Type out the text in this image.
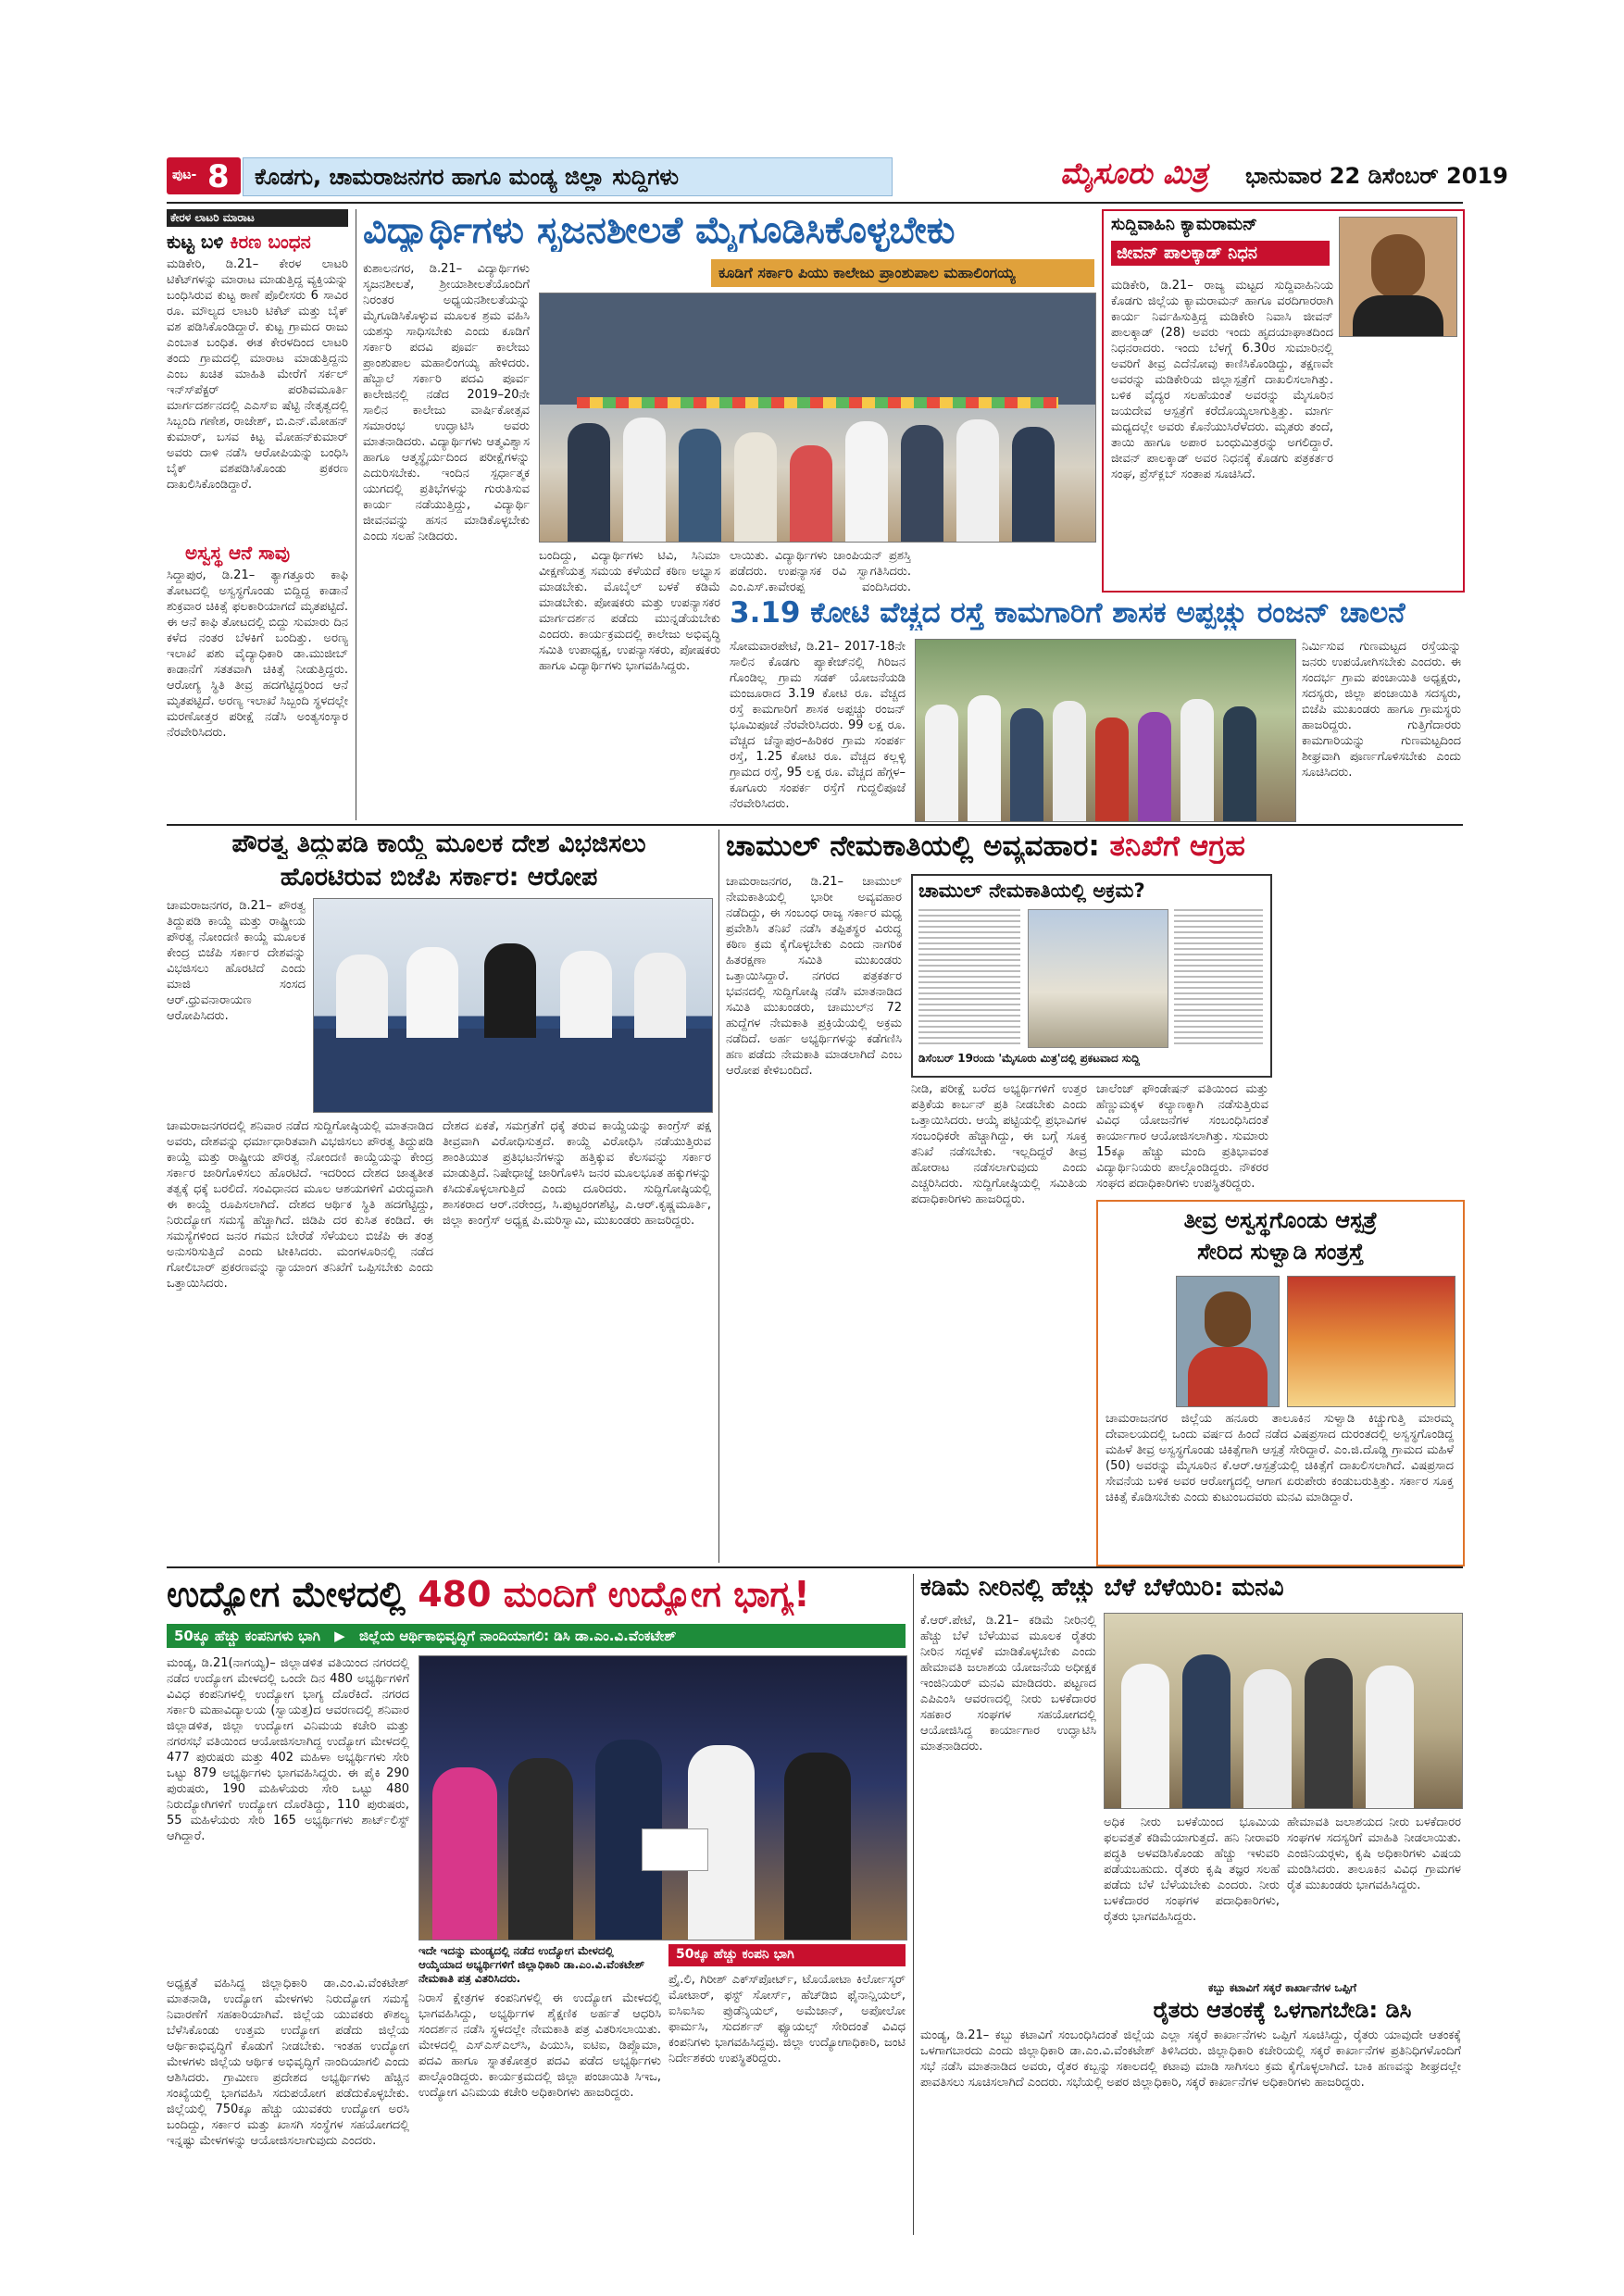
ಪುಟ- 8 ಕೊಡಗು, ಚಾಮರಾಜನಗರ ಹಾಗೂ ಮಂಡ್ಯ ಜಿಲ್ಲಾ ಸುದ್ದಿಗಳು	ಮೈಸೂರು ಮಿತ್ರ ಭಾನುವಾರ 22 ಡಿಸೆಂಬರ್ 2019
ಕೇರಳ ಲಾಟರಿ ಮಾರಾಟ
ಕುಟ್ಟ ಬಳಿ ಕಿರಣ ಬಂಧನ
ಮಡಿಕೇರಿ, ಡಿ.21– ಕೇರಳ ಲಾಟರಿ ಟಿಕೆಟ್‍ಗಳನ್ನು ಮಾರಾಟ ಮಾಡುತ್ತಿದ್ದ ವ್ಯಕ್ತಿಯನ್ನು ಬಂಧಿಸಿರುವ ಕುಟ್ಟ ಠಾಣೆ ಪೊಲೀಸರು 6 ಸಾವಿರ ರೂ. ಮೌಲ್ಯದ ಲಾಟರಿ ಟಿಕೆಟ್ ಮತ್ತು ಬೈಕ್ ವಶ ಪಡಿಸಿಕೊಂಡಿದ್ದಾರೆ. ಕುಟ್ಟ ಗ್ರಾಮದ ರಾಜು ಎಂಬಾತ ಬಂಧಿತ. ಈತ ಕೇರಳದಿಂದ ಲಾಟರಿ ತಂದು ಗ್ರಾಮದಲ್ಲಿ ಮಾರಾಟ ಮಾಡುತ್ತಿದ್ದನು ಎಂಬ ಖಚಿತ ಮಾಹಿತಿ ಮೇರೆಗೆ ಸರ್ಕಲ್ ಇನ್ಸ್‍ಪೆಕ್ಟರ್ ಪರಶಿವಮೂರ್ತಿ ಮಾರ್ಗದರ್ಶನದಲ್ಲಿ ಎಎಸ್‍ಐ ಷೆಟ್ಟಿ ನೇತೃತ್ವದಲ್ಲಿ ಸಿಬ್ಬಂದಿ ಗಣೇಶ, ರಾಜೇಶ್, ಬಿ.ಎನ್.ಮೋಹನ್ ಕುಮಾರ್, ಬಸವ ಕಿಟ್ಟ ಮೋಹನ್‍ಕುಮಾರ್ ಅವರು ದಾಳಿ ನಡೆಸಿ ಆರೋಪಿಯನ್ನು ಬಂಧಿಸಿ ಬೈಕ್ ವಶಪಡಿಸಿಕೊಂಡು ಪ್ರಕರಣ ದಾಖಲಿಸಿಕೊಂಡಿದ್ದಾರೆ.
ಅಸ್ವಸ್ಥ ಆನೆ ಸಾವು
ಸಿದ್ದಾಪುರ, ಡಿ.21– ತ್ಯಾಗತ್ತೂರು ಕಾಫಿ ತೋಟದಲ್ಲಿ ಅಸ್ವಸ್ಥಗೊಂಡು ಬಿದ್ದಿದ್ದ ಕಾಡಾನೆ ಶುಕ್ರವಾರ ಚಿಕಿತ್ಸೆ ಫಲಕಾರಿಯಾಗದೆ ಮೃತಪಟ್ಟಿದೆ. ಈ ಆನೆ ಕಾಫಿ ತೋಟದಲ್ಲಿ ಬಿದ್ದು ಸುಮಾರು ದಿನ ಕಳೆದ ನಂತರ ಬೆಳಕಿಗೆ ಬಂದಿತ್ತು. ಅರಣ್ಯ ಇಲಾಖೆ ಪಶು ವೈದ್ಯಾಧಿಕಾರಿ ಡಾ.ಮುಜೀಬ್ ಕಾಡಾನೆಗೆ ಸತತವಾಗಿ ಚಿಕಿತ್ಸೆ ನೀಡುತ್ತಿದ್ದರು. ಆರೋಗ್ಯ ಸ್ಥಿತಿ ತೀವ್ರ ಹದಗೆಟ್ಟಿದ್ದರಿಂದ ಆನೆ ಮೃತಪಟ್ಟಿದೆ. ಅರಣ್ಯ ಇಲಾಖೆ ಸಿಬ್ಬಂದಿ ಸ್ಥಳದಲ್ಲೇ ಮರಣೋತ್ತರ ಪರೀಕ್ಷೆ ನಡೆಸಿ ಅಂತ್ಯಸಂಸ್ಕಾರ ನೆರವೇರಿಸಿದರು.
ವಿದ್ಯಾರ್ಥಿಗಳು ಸೃಜನಶೀಲತೆ ಮೈಗೂಡಿಸಿಕೊಳ್ಳಬೇಕು
ಕೂಡಿಗೆ ಸರ್ಕಾರಿ ಪಿಯು ಕಾಲೇಜು ಪ್ರಾಂಶುಪಾಲ ಮಹಾಲಿಂಗಯ್ಯ
ಕುಶಾಲನಗರ, ಡಿ.21– ವಿದ್ಯಾರ್ಥಿಗಳು ಸೃಜನಶೀಲತೆ, ಶ್ರೀಯಾಶೀಲತೆಯೊಂದಿಗೆ ನಿರಂತರ ಅಧ್ಯಯನಶೀಲತೆಯನ್ನು ಮೈಗೂಡಿಸಿಕೊಳ್ಳುವ ಮೂಲಕ ಶ್ರಮ ವಹಿಸಿ ಯಶಸ್ಸು ಸಾಧಿಸಬೇಕು ಎಂದು ಕೂಡಿಗೆ ಸರ್ಕಾರಿ ಪದವಿ ಪೂರ್ವ ಕಾಲೇಜು ಪ್ರಾಂಶುಪಾಲ ಮಹಾಲಿಂಗಯ್ಯ ಹೇಳಿದರು. ಹೆಬ್ಬಾಲೆ ಸರ್ಕಾರಿ ಪದವಿ ಪೂರ್ವ ಕಾಲೇಜಿನಲ್ಲಿ ನಡೆದ 2019–20ನೇ ಸಾಲಿನ ಕಾಲೇಜು ವಾರ್ಷಿಕೋತ್ಸವ ಸಮಾರಂಭ ಉದ್ಘಾಟಿಸಿ ಅವರು ಮಾತನಾಡಿದರು. ವಿದ್ಯಾರ್ಥಿಗಳು ಆತ್ಮವಿಶ್ವಾಸ ಹಾಗೂ ಆತ್ಮಸ್ಥೈರ್ಯದಿಂದ ಪರೀಕ್ಷೆಗಳನ್ನು ಎದುರಿಸಬೇಕು. ಇಂದಿನ ಸ್ಪರ್ಧಾತ್ಮಕ ಯುಗದಲ್ಲಿ ಪ್ರತಿಭೆಗಳನ್ನು ಗುರುತಿಸುವ ಕಾರ್ಯ ನಡೆಯುತ್ತಿದ್ದು, ವಿದ್ಯಾರ್ಥಿ ಜೀವನವನ್ನು ಹಸನ ಮಾಡಿಕೊಳ್ಳಬೇಕು ಎಂದು ಸಲಹೆ ನೀಡಿದರು.
ಬಂದಿದ್ದು, ವಿದ್ಯಾರ್ಥಿಗಳು ಟಿವಿ, ಸಿನಿಮಾ ವೀಕ್ಷಣೆಯತ್ತ ಸಮಯ ಕಳೆಯದೆ ಕಠಿಣ ಅಭ್ಯಾಸ ಮಾಡಬೇಕು. ಮೊಬೈಲ್ ಬಳಕೆ ಕಡಿಮೆ ಮಾಡಬೇಕು. ಪೋಷಕರು ಮತ್ತು ಉಪನ್ಯಾಸಕರ ಮಾರ್ಗದರ್ಶನ ಪಡೆದು ಮುನ್ನಡೆಯಬೇಕು ಎಂದರು. ಕಾರ್ಯಕ್ರಮದಲ್ಲಿ ಕಾಲೇಜು ಅಭಿವೃದ್ಧಿ ಸಮಿತಿ ಉಪಾಧ್ಯಕ್ಷ, ಉಪನ್ಯಾಸಕರು, ಪೋಷಕರು ಹಾಗೂ ವಿದ್ಯಾರ್ಥಿಗಳು ಭಾಗವಹಿಸಿದ್ದರು.
ಲಾಯಿತು. ವಿದ್ಯಾರ್ಥಿಗಳು ಚಾಂಪಿಯನ್ ಪ್ರಶಸ್ತಿ ಪಡೆದರು. ಉಪನ್ಯಾಸಕ ರವಿ ಸ್ವಾಗತಿಸಿದರು. ಎಂ.ಎಸ್.ಕಾವೇರಪ್ಪ ವಂದಿಸಿದರು.
ಸುದ್ದಿವಾಹಿನಿ ಕ್ಯಾಮರಾಮನ್
ಜೀವನ್ ಪಾಲಕ್ಕಾಡ್ ನಿಧನ
ಮಡಿಕೇರಿ, ಡಿ.21– ರಾಜ್ಯ ಮಟ್ಟದ ಸುದ್ದಿವಾಹಿನಿಯ ಕೊಡಗು ಜಿಲ್ಲೆಯ ಕ್ಯಾಮರಾಮನ್ ಹಾಗೂ ವರದಿಗಾರರಾಗಿ ಕಾರ್ಯ ನಿರ್ವಹಿಸುತ್ತಿದ್ದ ಮಡಿಕೇರಿ ನಿವಾಸಿ ಜೀವನ್ ಪಾಲಕ್ಕಾಡ್ (28) ಅವರು ಇಂದು ಹೃದಯಾಘಾತದಿಂದ ನಿಧನರಾದರು. ಇಂದು ಬೆಳಗ್ಗೆ 6.30ರ ಸುಮಾರಿನಲ್ಲಿ ಅವರಿಗೆ ತೀವ್ರ ಎದೆನೋವು ಕಾಣಿಸಿಕೊಂಡಿದ್ದು, ತಕ್ಷಣವೇ ಅವರನ್ನು ಮಡಿಕೇರಿಯ ಜಿಲ್ಲಾಸ್ಪತ್ರೆಗೆ ದಾಖಲಿಸಲಾಗಿತ್ತು. ಬಳಿಕ ವೈದ್ಯರ ಸಲಹೆಯಂತೆ ಅವರನ್ನು ಮೈಸೂರಿನ ಜಯದೇವ ಆಸ್ಪತ್ರೆಗೆ ಕರೆದೊಯ್ಯಲಾಗುತ್ತಿತ್ತು. ಮಾರ್ಗ ಮಧ್ಯದಲ್ಲೇ ಅವರು ಕೊನೆಯುಸಿರೆಳೆದರು. ಮೃತರು ತಂದೆ, ತಾಯಿ ಹಾಗೂ ಅಪಾರ ಬಂಧುಮಿತ್ರರನ್ನು ಅಗಲಿದ್ದಾರೆ. ಜೀವನ್ ಪಾಲಕ್ಕಾಡ್ ಅವರ ನಿಧನಕ್ಕೆ ಕೊಡಗು ಪತ್ರಕರ್ತರ ಸಂಘ, ಪ್ರೆಸ್‍ಕ್ಲಬ್ ಸಂತಾಪ ಸೂಚಿಸಿದೆ.
3.19 ಕೋಟಿ ವೆಚ್ಚದ ರಸ್ತೆ ಕಾಮಗಾರಿಗೆ ಶಾಸಕ ಅಪ್ಪಚ್ಚು ರಂಜನ್ ಚಾಲನೆ
ಸೋಮವಾರಪೇಟೆ, ಡಿ.21– 2017-18ನೇ ಸಾಲಿನ ಕೊಡಗು ಪ್ಯಾಕೇಜ್‍ನಲ್ಲಿ ಗಿರಿಜನ ಗೊಂಡಿಲ್ಲ ಗ್ರಾಮ ಸಡಕ್ ಯೋಜನೆಯಡಿ ಮಂಜೂರಾದ 3.19 ಕೋಟಿ ರೂ. ವೆಚ್ಚದ ರಸ್ತೆ ಕಾಮಗಾರಿಗೆ ಶಾಸಕ ಅಪ್ಪಚ್ಚು ರಂಜನ್ ಭೂಮಿಪೂಜೆ ನೆರವೇರಿಸಿದರು. 99 ಲಕ್ಷ ರೂ. ವೆಚ್ಚದ ಚೆನ್ನಾಪುರ–ಹಿರಿಕರ ಗ್ರಾಮ ಸಂಪರ್ಕ ರಸ್ತೆ, 1.25 ಕೋಟಿ ರೂ. ವೆಚ್ಚದ ಕಲ್ಲಳ್ಳಿ ಗ್ರಾಮದ ರಸ್ತೆ, 95 ಲಕ್ಷ ರೂ. ವೆಚ್ಚದ ಹೆಗ್ಗಳ–ಕೂಗೂರು ಸಂಪರ್ಕ ರಸ್ತೆಗೆ ಗುದ್ದಲಿಪೂಜೆ ನೆರವೇರಿಸಿದರು.
ನಿರ್ಮಿಸುವ ಗುಣಮಟ್ಟದ ರಸ್ತೆಯನ್ನು ಜನರು ಉಪಯೋಗಿಸಬೇಕು ಎಂದರು. ಈ ಸಂದರ್ಭ ಗ್ರಾಮ ಪಂಚಾಯಿತಿ ಅಧ್ಯಕ್ಷರು, ಸದಸ್ಯರು, ಜಿಲ್ಲಾ ಪಂಚಾಯಿತಿ ಸದಸ್ಯರು, ಬಿಜೆಪಿ ಮುಖಂಡರು ಹಾಗೂ ಗ್ರಾಮಸ್ಥರು ಹಾಜರಿದ್ದರು. ಗುತ್ತಿಗೆದಾರರು ಕಾಮಗಾರಿಯನ್ನು ಗುಣಮಟ್ಟದಿಂದ ಶೀಘ್ರವಾಗಿ ಪೂರ್ಣಗೊಳಿಸಬೇಕು ಎಂದು ಸೂಚಿಸಿದರು.
ಪೌರತ್ವ ತಿದ್ದುಪಡಿ ಕಾಯ್ದೆ ಮೂಲಕ ದೇಶ ವಿಭಜಿಸಲು
ಹೊರಟಿರುವ ಬಿಜೆಪಿ ಸರ್ಕಾರ: ಆರೋಪ
ಚಾಮರಾಜನಗರ, ಡಿ.21– ಪೌರತ್ವ ತಿದ್ದುಪಡಿ ಕಾಯ್ದೆ ಮತ್ತು ರಾಷ್ಟ್ರೀಯ ಪೌರತ್ವ ನೋಂದಣಿ ಕಾಯ್ದೆ ಮೂಲಕ ಕೇಂದ್ರ ಬಿಜೆಪಿ ಸರ್ಕಾರ ದೇಶವನ್ನು ವಿಭಜಿಸಲು ಹೊರಟಿದೆ ಎಂದು ಮಾಜಿ ಸಂಸದ ಆರ್.ಧ್ರುವನಾರಾಯಣ ಆರೋಪಿಸಿದರು.
ಚಾಮರಾಜನಗರದಲ್ಲಿ ಶನಿವಾರ ನಡೆದ ಸುದ್ದಿಗೋಷ್ಠಿಯಲ್ಲಿ ಮಾತನಾಡಿದ ಅವರು, ದೇಶವನ್ನು ಧರ್ಮಾಧಾರಿತವಾಗಿ ವಿಭಜಿಸಲು ಪೌರತ್ವ ತಿದ್ದುಪಡಿ ಕಾಯ್ದೆ ಮತ್ತು ರಾಷ್ಟ್ರೀಯ ಪೌರತ್ವ ನೋಂದಣಿ ಕಾಯ್ದೆಯನ್ನು ಕೇಂದ್ರ ಸರ್ಕಾರ ಜಾರಿಗೊಳಿಸಲು ಹೊರಟಿದೆ. ಇದರಿಂದ ದೇಶದ ಜಾತ್ಯತೀತ ತತ್ವಕ್ಕೆ ಧಕ್ಕೆ ಬರಲಿದೆ. ಸಂವಿಧಾನದ ಮೂಲ ಆಶಯಗಳಿಗೆ ವಿರುದ್ಧವಾಗಿ ಈ ಕಾಯ್ದೆ ರೂಪಿಸಲಾಗಿದೆ. ದೇಶದ ಆರ್ಥಿಕ ಸ್ಥಿತಿ ಹದಗೆಟ್ಟಿದ್ದು, ನಿರುದ್ಯೋಗ ಸಮಸ್ಯೆ ಹೆಚ್ಚಾಗಿದೆ. ಜಿಡಿಪಿ ದರ ಕುಸಿತ ಕಂಡಿದೆ. ಈ ಸಮಸ್ಯೆಗಳಿಂದ ಜನರ ಗಮನ ಬೇರೆಡೆ ಸೆಳೆಯಲು ಬಿಜೆಪಿ ಈ ತಂತ್ರ ಅನುಸರಿಸುತ್ತಿದೆ ಎಂದು ಟೀಕಿಸಿದರು. ಮಂಗಳೂರಿನಲ್ಲಿ ನಡೆದ ಗೋಲಿಬಾರ್ ಪ್ರಕರಣವನ್ನು ನ್ಯಾಯಾಂಗ ತನಿಖೆಗೆ ಒಪ್ಪಿಸಬೇಕು ಎಂದು ಒತ್ತಾಯಿಸಿದರು.
ದೇಶದ ಏಕತೆ, ಸಮಗ್ರತೆಗೆ ಧಕ್ಕೆ ತರುವ ಕಾಯ್ದೆಯನ್ನು ಕಾಂಗ್ರೆಸ್ ಪಕ್ಷ ತೀವ್ರವಾಗಿ ವಿರೋಧಿಸುತ್ತದೆ. ಕಾಯ್ದೆ ವಿರೋಧಿಸಿ ನಡೆಯುತ್ತಿರುವ ಶಾಂತಿಯುತ ಪ್ರತಿಭಟನೆಗಳನ್ನು ಹತ್ತಿಕ್ಕುವ ಕೆಲಸವನ್ನು ಸರ್ಕಾರ ಮಾಡುತ್ತಿದೆ. ನಿಷೇಧಾಜ್ಞೆ ಜಾರಿಗೊಳಿಸಿ ಜನರ ಮೂಲಭೂತ ಹಕ್ಕುಗಳನ್ನು ಕಸಿದುಕೊಳ್ಳಲಾಗುತ್ತಿದೆ ಎಂದು ದೂರಿದರು. ಸುದ್ದಿಗೋಷ್ಠಿಯಲ್ಲಿ ಶಾಸಕರಾದ ಆರ್.ನರೇಂದ್ರ, ಸಿ.ಪುಟ್ಟರಂಗಶೆಟ್ಟಿ, ಎ.ಆರ್.ಕೃಷ್ಣಮೂರ್ತಿ, ಜಿಲ್ಲಾ ಕಾಂಗ್ರೆಸ್ ಅಧ್ಯಕ್ಷ ಪಿ.ಮರಿಸ್ವಾಮಿ, ಮುಖಂಡರು ಹಾಜರಿದ್ದರು.
ಚಾಮುಲ್ ನೇಮಕಾತಿಯಲ್ಲಿ ಅವ್ಯವಹಾರ: ತನಿಖೆಗೆ ಆಗ್ರಹ
ಚಾಮರಾಜನಗರ, ಡಿ.21– ಚಾಮುಲ್ ನೇಮಕಾತಿಯಲ್ಲಿ ಭಾರೀ ಅವ್ಯವಹಾರ ನಡೆದಿದ್ದು, ಈ ಸಂಬಂಧ ರಾಜ್ಯ ಸರ್ಕಾರ ಮಧ್ಯ ಪ್ರವೇಶಿಸಿ ತನಿಖೆ ನಡೆಸಿ ತಪ್ಪಿತಸ್ಥರ ವಿರುದ್ಧ ಕಠಿಣ ಕ್ರಮ ಕೈಗೊಳ್ಳಬೇಕು ಎಂದು ನಾಗರಿಕ ಹಿತರಕ್ಷಣಾ ಸಮಿತಿ ಮುಖಂಡರು ಒತ್ತಾಯಿಸಿದ್ದಾರೆ. ನಗರದ ಪತ್ರಕರ್ತರ ಭವನದಲ್ಲಿ ಸುದ್ದಿಗೋಷ್ಠಿ ನಡೆಸಿ ಮಾತನಾಡಿದ ಸಮಿತಿ ಮುಖಂಡರು, ಚಾಮುಲ್‍ನ 72 ಹುದ್ದೆಗಳ ನೇಮಕಾತಿ ಪ್ರಕ್ರಿಯೆಯಲ್ಲಿ ಅಕ್ರಮ ನಡೆದಿದೆ. ಅರ್ಹ ಅಭ್ಯರ್ಥಿಗಳನ್ನು ಕಡೆಗಣಿಸಿ ಹಣ ಪಡೆದು ನೇಮಕಾತಿ ಮಾಡಲಾಗಿದೆ ಎಂಬ ಆರೋಪ ಕೇಳಿಬಂದಿದೆ.
ಚಾಮುಲ್ ನೇಮಕಾತಿಯಲ್ಲಿ ಅಕ್ರಮ?
ಡಿಸೆಂಬರ್ 19ರಂದು 'ಮೈಸೂರು ಮಿತ್ರ'ದಲ್ಲಿ ಪ್ರಕಟವಾದ ಸುದ್ದಿ
ನೀಡಿ, ಪರೀಕ್ಷೆ ಬರೆದ ಅಭ್ಯರ್ಥಿಗಳಿಗೆ ಉತ್ತರ ಪತ್ರಿಕೆಯ ಕಾರ್ಬನ್ ಪ್ರತಿ ನೀಡಬೇಕು ಎಂದು ಒತ್ತಾಯಿಸಿದರು. ಆಯ್ಕೆ ಪಟ್ಟಿಯಲ್ಲಿ ಪ್ರಭಾವಿಗಳ ಸಂಬಂಧಿಕರೇ ಹೆಚ್ಚಾಗಿದ್ದು, ಈ ಬಗ್ಗೆ ಸೂಕ್ತ ತನಿಖೆ ನಡೆಸಬೇಕು. ಇಲ್ಲದಿದ್ದರೆ ತೀವ್ರ ಹೋರಾಟ ನಡೆಸಲಾಗುವುದು ಎಂದು ಎಚ್ಚರಿಸಿದರು. ಸುದ್ದಿಗೋಷ್ಠಿಯಲ್ಲಿ ಸಮಿತಿಯ ಪದಾಧಿಕಾರಿಗಳು ಹಾಜರಿದ್ದರು.
ಚಾಲೆಂಜ್ ಫೌಂಡೇಷನ್ ವತಿಯಿಂದ ಮತ್ತು ಹೆಣ್ಣುಮಕ್ಕಳ ಕಲ್ಯಾಣಕ್ಕಾಗಿ ನಡೆಸುತ್ತಿರುವ ವಿವಿಧ ಯೋಜನೆಗಳ ಸಂಬಂಧಿಸಿದಂತೆ ಕಾರ್ಯಾಗಾರ ಆಯೋಜಿಸಲಾಗಿತ್ತು. ಸುಮಾರು 15ಕ್ಕೂ ಹೆಚ್ಚು ಮಂದಿ ಪ್ರತಿಭಾವಂತ ವಿದ್ಯಾರ್ಥಿನಿಯರು ಪಾಲ್ಗೊಂಡಿದ್ದರು. ನೌಕರರ ಸಂಘದ ಪದಾಧಿಕಾರಿಗಳು ಉಪಸ್ಥಿತರಿದ್ದರು.
ತೀವ್ರ ಅಸ್ವಸ್ಥಗೊಂಡು ಆಸ್ಪತ್ರೆ
ಸೇರಿದ ಸುಳ್ವಾಡಿ ಸಂತ್ರಸ್ತೆ
ಚಾಮರಾಜನಗರ ಜಿಲ್ಲೆಯ ಹನೂರು ತಾಲೂಕಿನ ಸುಳ್ವಾಡಿ ಕಿಚ್ಚುಗುತ್ತಿ ಮಾರಮ್ಮ ದೇವಾಲಯದಲ್ಲಿ ಒಂದು ವರ್ಷದ ಹಿಂದೆ ನಡೆದ ವಿಷಪ್ರಸಾದ ದುರಂತದಲ್ಲಿ ಅಸ್ವಸ್ಥಗೊಂಡಿದ್ದ ಮಹಿಳೆ ತೀವ್ರ ಅಸ್ವಸ್ಥಗೊಂಡು ಚಿಕಿತ್ಸೆಗಾಗಿ ಆಸ್ಪತ್ರೆ ಸೇರಿದ್ದಾರೆ. ಎಂ.ಜಿ.ದೊಡ್ಡಿ ಗ್ರಾಮದ ಮಹಿಳೆ (50) ಅವರನ್ನು ಮೈಸೂರಿನ ಕೆ.ಆರ್.ಆಸ್ಪತ್ರೆಯಲ್ಲಿ ಚಿಕಿತ್ಸೆಗೆ ದಾಖಲಿಸಲಾಗಿದೆ. ವಿಷಪ್ರಸಾದ ಸೇವನೆಯ ಬಳಿಕ ಅವರ ಆರೋಗ್ಯದಲ್ಲಿ ಆಗಾಗ ಏರುಪೇರು ಕಂಡುಬರುತ್ತಿತ್ತು. ಸರ್ಕಾರ ಸೂಕ್ತ ಚಿಕಿತ್ಸೆ ಕೊಡಿಸಬೇಕು ಎಂದು ಕುಟುಂಬದವರು ಮನವಿ ಮಾಡಿದ್ದಾರೆ.
ಉದ್ಯೋಗ ಮೇಳದಲ್ಲಿ 480 ಮಂದಿಗೆ ಉದ್ಯೋಗ ಭಾಗ್ಯ!
50ಕ್ಕೂ ಹೆಚ್ಚು ಕಂಪನಿಗಳು ಭಾಗಿ ▶ ಜಿಲ್ಲೆಯ ಆರ್ಥಿಕಾಭಿವೃದ್ಧಿಗೆ ನಾಂದಿಯಾಗಲಿ: ಡಿಸಿ ಡಾ.ಎಂ.ವಿ.ವೆಂಕಟೇಶ್
ಮಂಡ್ಯ, ಡಿ.21(ನಾಗಯ್ಯ)– ಜಿಲ್ಲಾಡಳಿತ ವತಿಯಿಂದ ನಗರದಲ್ಲಿ ನಡೆದ ಉದ್ಯೋಗ ಮೇಳದಲ್ಲಿ ಒಂದೇ ದಿನ 480 ಅಭ್ಯರ್ಥಿಗಳಿಗೆ ವಿವಿಧ ಕಂಪನಿಗಳಲ್ಲಿ ಉದ್ಯೋಗ ಭಾಗ್ಯ ದೊರೆಕಿದೆ. ನಗರದ ಸರ್ಕಾರಿ ಮಹಾವಿದ್ಯಾಲಯ (ಸ್ವಾಯತ್ತ)ದ ಆವರಣದಲ್ಲಿ ಶನಿವಾರ ಜಿಲ್ಲಾಡಳಿತ, ಜಿಲ್ಲಾ ಉದ್ಯೋಗ ವಿನಿಮಯ ಕಚೇರಿ ಮತ್ತು ನಗರಸಭೆ ವತಿಯಿಂದ ಆಯೋಜಿಸಲಾಗಿದ್ದ ಉದ್ಯೋಗ ಮೇಳದಲ್ಲಿ 477 ಪುರುಷರು ಮತ್ತು 402 ಮಹಿಳಾ ಅಭ್ಯರ್ಥಿಗಳು ಸೇರಿ ಒಟ್ಟು 879 ಅಭ್ಯರ್ಥಿಗಳು ಭಾಗವಹಿಸಿದ್ದರು. ಈ ಪೈಕಿ 290 ಪುರುಷರು, 190 ಮಹಿಳೆಯರು ಸೇರಿ ಒಟ್ಟು 480 ನಿರುದ್ಯೋಗಿಗಳಿಗೆ ಉದ್ಯೋಗ ದೊರೆತಿದ್ದು, 110 ಪುರುಷರು, 55 ಮಹಿಳೆಯರು ಸೇರಿ 165 ಅಭ್ಯರ್ಥಿಗಳು ಶಾರ್ಟ್‍ಲಿಸ್ಟ್ ಆಗಿದ್ದಾರೆ.
ಅಧ್ಯಕ್ಷತೆ ವಹಿಸಿದ್ದ ಜಿಲ್ಲಾಧಿಕಾರಿ ಡಾ.ಎಂ.ವಿ.ವೆಂಕಟೇಶ್ ಮಾತನಾಡಿ, ಉದ್ಯೋಗ ಮೇಳಗಳು ನಿರುದ್ಯೋಗ ಸಮಸ್ಯೆ ನಿವಾರಣೆಗೆ ಸಹಕಾರಿಯಾಗಿವೆ. ಜಿಲ್ಲೆಯ ಯುವಕರು ಕೌಶಲ್ಯ ಬೆಳೆಸಿಕೊಂಡು ಉತ್ತಮ ಉದ್ಯೋಗ ಪಡೆದು ಜಿಲ್ಲೆಯ ಆರ್ಥಿಕಾಭಿವೃದ್ಧಿಗೆ ಕೊಡುಗೆ ನೀಡಬೇಕು. ಇಂತಹ ಉದ್ಯೋಗ ಮೇಳಗಳು ಜಿಲ್ಲೆಯ ಆರ್ಥಿಕ ಅಭಿವೃದ್ಧಿಗೆ ನಾಂದಿಯಾಗಲಿ ಎಂದು ಆಶಿಸಿದರು. ಗ್ರಾಮೀಣ ಪ್ರದೇಶದ ಅಭ್ಯರ್ಥಿಗಳು ಹೆಚ್ಚಿನ ಸಂಖ್ಯೆಯಲ್ಲಿ ಭಾಗವಹಿಸಿ ಸದುಪಯೋಗ ಪಡೆದುಕೊಳ್ಳಬೇಕು. ಜಿಲ್ಲೆಯಲ್ಲಿ 750ಕ್ಕೂ ಹೆಚ್ಚು ಯುವಕರು ಉದ್ಯೋಗ ಅರಸಿ ಬಂದಿದ್ದು, ಸರ್ಕಾರ ಮತ್ತು ಖಾಸಗಿ ಸಂಸ್ಥೆಗಳ ಸಹಯೋಗದಲ್ಲಿ ಇನ್ನಷ್ಟು ಮೇಳಗಳನ್ನು ಆಯೋಜಿಸಲಾಗುವುದು ಎಂದರು.
ಇದೇ ಇದನ್ನು ಮಂಡ್ಯದಲ್ಲಿ ನಡೆದ ಉದ್ಯೋಗ ಮೇಳದಲ್ಲಿ ಆಯ್ಕೆಯಾದ ಅಭ್ಯರ್ಥಿಗಳಿಗೆ ಜಿಲ್ಲಾಧಿಕಾರಿ ಡಾ.ಎಂ.ವಿ.ವೆಂಕಟೇಶ್ ನೇಮಕಾತಿ ಪತ್ರ ವಿತರಿಸಿದರು.
50ಕ್ಕೂ ಹೆಚ್ಚು ಕಂಪನಿ ಭಾಗಿ
ನಿರಾಸೆ ಕ್ಷೇತ್ರಗಳ ಕಂಪನಿಗಳಲ್ಲಿ ಈ ಉದ್ಯೋಗ ಮೇಳದಲ್ಲಿ ಭಾಗವಹಿಸಿದ್ದು, ಅಭ್ಯರ್ಥಿಗಳ ಶೈಕ್ಷಣಿಕ ಅರ್ಹತೆ ಆಧರಿಸಿ ಸಂದರ್ಶನ ನಡೆಸಿ ಸ್ಥಳದಲ್ಲೇ ನೇಮಕಾತಿ ಪತ್ರ ವಿತರಿಸಲಾಯಿತು. ಮೇಳದಲ್ಲಿ ಎಸ್‍ಎಸ್‍ಎಲ್‍ಸಿ, ಪಿಯುಸಿ, ಐಟಿಐ, ಡಿಪ್ಲೊಮಾ, ಪದವಿ ಹಾಗೂ ಸ್ನಾತಕೋತ್ತರ ಪದವಿ ಪಡೆದ ಅಭ್ಯರ್ಥಿಗಳು ಪಾಲ್ಗೊಂಡಿದ್ದರು. ಕಾರ್ಯಕ್ರಮದಲ್ಲಿ ಜಿಲ್ಲಾ ಪಂಚಾಯಿತಿ ಸಿಇಒ, ಉದ್ಯೋಗ ವಿನಿಮಯ ಕಚೇರಿ ಅಧಿಕಾರಿಗಳು ಹಾಜರಿದ್ದರು.
ಪ್ರೈ.ಲಿ, ಗಿರೀಶ್ ಎಕ್ಸ್‍ಪೋರ್ಟ್, ಟೊಯೋಟಾ ಕಿರ್ಲೋಸ್ಕರ್ ಮೋಟಾರ್, ಫಸ್ಟ್ ಸೋರ್ಸ್, ಹೆಚ್‍ಡಿಬಿ ಫೈನಾನ್ಷಿಯಲ್, ಐಸಿಐಸಿಐ ಪ್ರುಡೆನ್ಶಿಯಲ್, ಅಮೆಜಾನ್, ಅಪೋಲೋ ಫಾರ್ಮಸಿ, ಸುದರ್ಶನ್ ಫ್ಯೂಯಲ್ಸ್ ಸೇರಿದಂತೆ ವಿವಿಧ ಕಂಪನಿಗಳು ಭಾಗವಹಿಸಿದ್ದವು. ಜಿಲ್ಲಾ ಉದ್ಯೋಗಾಧಿಕಾರಿ, ಜಂಟಿ ನಿರ್ದೇಶಕರು ಉಪಸ್ಥಿತರಿದ್ದರು.
ಕಡಿಮೆ ನೀರಿನಲ್ಲಿ ಹೆಚ್ಚು ಬೆಳೆ ಬೆಳೆಯಿರಿ: ಮನವಿ
ಕೆ.ಆರ್.ಪೇಟೆ, ಡಿ.21– ಕಡಿಮೆ ನೀರಿನಲ್ಲಿ ಹೆಚ್ಚು ಬೆಳೆ ಬೆಳೆಯುವ ಮೂಲಕ ರೈತರು ನೀರಿನ ಸದ್ಬಳಕೆ ಮಾಡಿಕೊಳ್ಳಬೇಕು ಎಂದು ಹೇಮಾವತಿ ಜಲಾಶಯ ಯೋಜನೆಯ ಅಧೀಕ್ಷಕ ಇಂಜಿನಿಯರ್ ಮನವಿ ಮಾಡಿದರು. ಪಟ್ಟಣದ ಎಪಿಎಂಸಿ ಆವರಣದಲ್ಲಿ ನೀರು ಬಳಕೆದಾರರ ಸಹಕಾರ ಸಂಘಗಳ ಸಹಯೋಗದಲ್ಲಿ ಆಯೋಜಿಸಿದ್ದ ಕಾರ್ಯಾಗಾರ ಉದ್ಘಾಟಿಸಿ ಮಾತನಾಡಿದರು.
ಅಧಿಕ ನೀರು ಬಳಕೆಯಿಂದ ಭೂಮಿಯ ಫಲವತ್ತತೆ ಕಡಿಮೆಯಾಗುತ್ತದೆ. ಹನಿ ನೀರಾವರಿ ಪದ್ಧತಿ ಅಳವಡಿಸಿಕೊಂಡು ಹೆಚ್ಚು ಇಳುವರಿ ಪಡೆಯಬಹುದು. ರೈತರು ಕೃಷಿ ತಜ್ಞರ ಸಲಹೆ ಪಡೆದು ಬೆಳೆ ಬೆಳೆಯಬೇಕು ಎಂದರು. ನೀರು ಬಳಕೆದಾರರ ಸಂಘಗಳ ಪದಾಧಿಕಾರಿಗಳು, ರೈತರು ಭಾಗವಹಿಸಿದ್ದರು.
ಹೇಮಾವತಿ ಜಲಾಶಯದ ನೀರು ಬಳಕೆದಾರರ ಸಂಘಗಳ ಸದಸ್ಯರಿಗೆ ಮಾಹಿತಿ ನೀಡಲಾಯಿತು. ಎಂಜಿನಿಯರ್‍ಗಳು, ಕೃಷಿ ಅಧಿಕಾರಿಗಳು ವಿಷಯ ಮಂಡಿಸಿದರು. ತಾಲೂಕಿನ ವಿವಿಧ ಗ್ರಾಮಗಳ ರೈತ ಮುಖಂಡರು ಭಾಗವಹಿಸಿದ್ದರು.
ಕಬ್ಬು ಕಟಾವಿಗೆ ಸಕ್ಕರೆ ಕಾರ್ಖಾನೆಗಳ ಒಪ್ಪಿಗೆ
ರೈತರು ಆತಂಕಕ್ಕೆ ಒಳಗಾಗಬೇಡಿ: ಡಿಸಿ
ಮಂಡ್ಯ, ಡಿ.21– ಕಬ್ಬು ಕಟಾವಿಗೆ ಸಂಬಂಧಿಸಿದಂತೆ ಜಿಲ್ಲೆಯ ಎಲ್ಲಾ ಸಕ್ಕರೆ ಕಾರ್ಖಾನೆಗಳು ಒಪ್ಪಿಗೆ ಸೂಚಿಸಿದ್ದು, ರೈತರು ಯಾವುದೇ ಆತಂಕಕ್ಕೆ ಒಳಗಾಗಬಾರದು ಎಂದು ಜಿಲ್ಲಾಧಿಕಾರಿ ಡಾ.ಎಂ.ವಿ.ವೆಂಕಟೇಶ್ ತಿಳಿಸಿದರು. ಜಿಲ್ಲಾಧಿಕಾರಿ ಕಚೇರಿಯಲ್ಲಿ ಸಕ್ಕರೆ ಕಾರ್ಖಾನೆಗಳ ಪ್ರತಿನಿಧಿಗಳೊಂದಿಗೆ ಸಭೆ ನಡೆಸಿ ಮಾತನಾಡಿದ ಅವರು, ರೈತರ ಕಬ್ಬನ್ನು ಸಕಾಲದಲ್ಲಿ ಕಟಾವು ಮಾಡಿ ಸಾಗಿಸಲು ಕ್ರಮ ಕೈಗೊಳ್ಳಲಾಗಿದೆ. ಬಾಕಿ ಹಣವನ್ನು ಶೀಘ್ರದಲ್ಲೇ ಪಾವತಿಸಲು ಸೂಚಿಸಲಾಗಿದೆ ಎಂದರು. ಸಭೆಯಲ್ಲಿ ಅಪರ ಜಿಲ್ಲಾಧಿಕಾರಿ, ಸಕ್ಕರೆ ಕಾರ್ಖಾನೆಗಳ ಅಧಿಕಾರಿಗಳು ಹಾಜರಿದ್ದರು.
